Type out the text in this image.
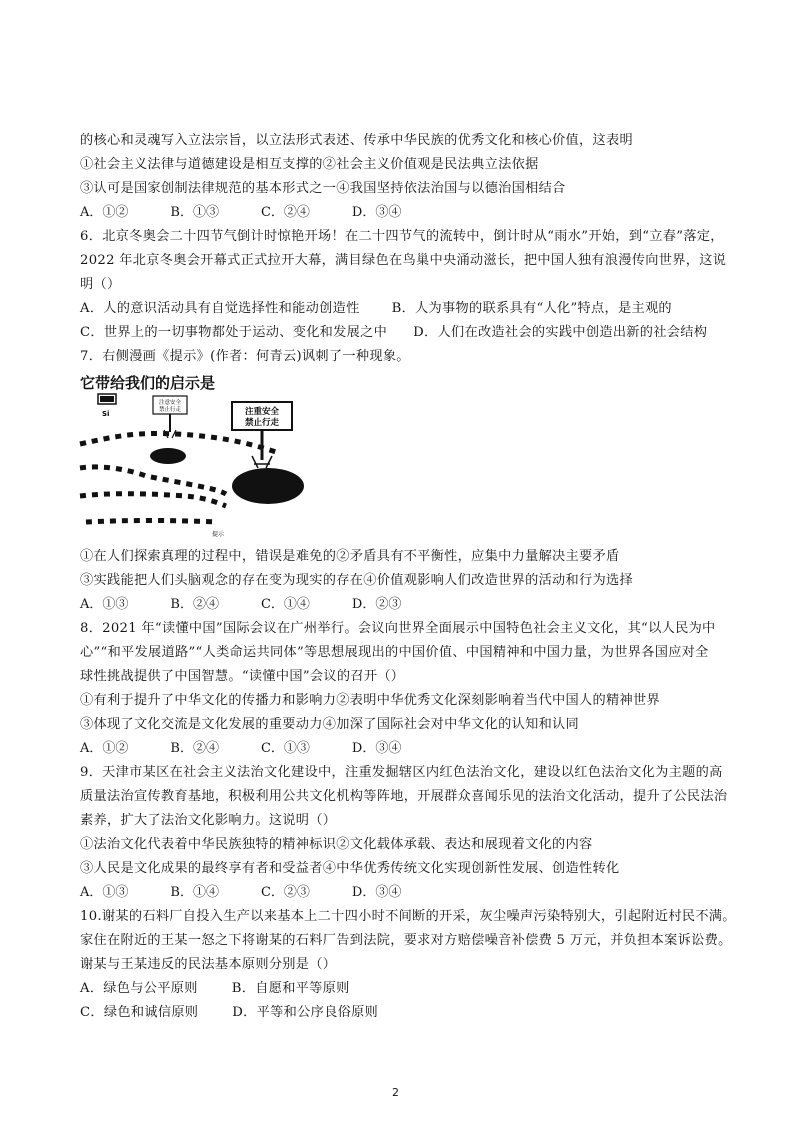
的核心和灵魂写入立法宗旨，以立法形式表述、传承中华民族的优秀文化和核心价值，这表明
①社会主义法律与道德建设是相互支撑的②社会主义价值观是民法典立法依据
③认可是国家创制法律规范的基本形式之一④我国坚持依法治国与以德治国相结合
A．①②	B．①③	C．②④	D．③④
6．北京冬奥会二十四节气倒计时惊艳开场！在二十四节气的流转中，倒计时从“雨水”开始，到“立春”落定，
2022 年北京冬奥会开幕式正式拉开大幕，满目绿色在鸟巢中央涌动滋长，把中国人独有浪漫传向世界，这说
明（）
A．人的意识活动具有自觉选择性和能动创造性 B．人为事物的联系具有“人化”特点，是主观的
C．世界上的一切事物都处于运动、变化和发展之中 D．人们在改造社会的实践中创造出新的社会结构
7．右侧漫画《提示》(作者：何青云)讽刺了一种现象。
它带给我们的启示是
Si
注意安全
禁止行走	注重安全
禁止行走
提示
①在人们探索真理的过程中，错误是难免的②矛盾具有不平衡性，应集中力量解决主要矛盾
③实践能把人们头脑观念的存在变为现实的存在④价值观影响人们改造世界的活动和行为选择
A．①③	B．②④	C．①④	D．②③
8．2021 年“读懂中国”国际会议在广州举行。会议向世界全面展示中国特色社会主义文化，其“以人民为中
心”“和平发展道路”“人类命运共同体”等思想展现出的中国价值、中国精神和中国力量，为世界各国应对全
球性挑战提供了中国智慧。“读懂中国”会议的召开（）
①有利于提升了中华文化的传播力和影响力②表明中华优秀文化深刻影响着当代中国人的精神世界
③体现了文化交流是文化发展的重要动力④加深了国际社会对中华文化的认知和认同
A．①②	B．②④	C．①③	D．③④
9．天津市某区在社会主义法治文化建设中，注重发掘辖区内红色法治文化，建设以红色法治文化为主题的高
质量法治宣传教育基地，积极利用公共文化机构等阵地，开展群众喜闻乐见的法治文化活动，提升了公民法治
素养，扩大了法治文化影响力。这说明（）
①法治文化代表着中华民族独特的精神标识②文化载体承载、表达和展现着文化的内容
③人民是文化成果的最终享有者和受益者④中华优秀传统文化实现创新性发展、创造性转化
A．①③	B．①④	C．②③	D．③④
10.谢某的石料厂自投入生产以来基本上二十四小时不间断的开采，灰尘噪声污染特别大，引起附近村民不满。
家住在附近的王某一怒之下将谢某的石料厂告到法院，要求对方赔偿噪音补偿费 5 万元，并负担本案诉讼费。
谢某与王某违反的民法基本原则分别是（）
A．绿色与公平原则	B．自愿和平等原则
C．绿色和诚信原则	D．平等和公序良俗原则
2
